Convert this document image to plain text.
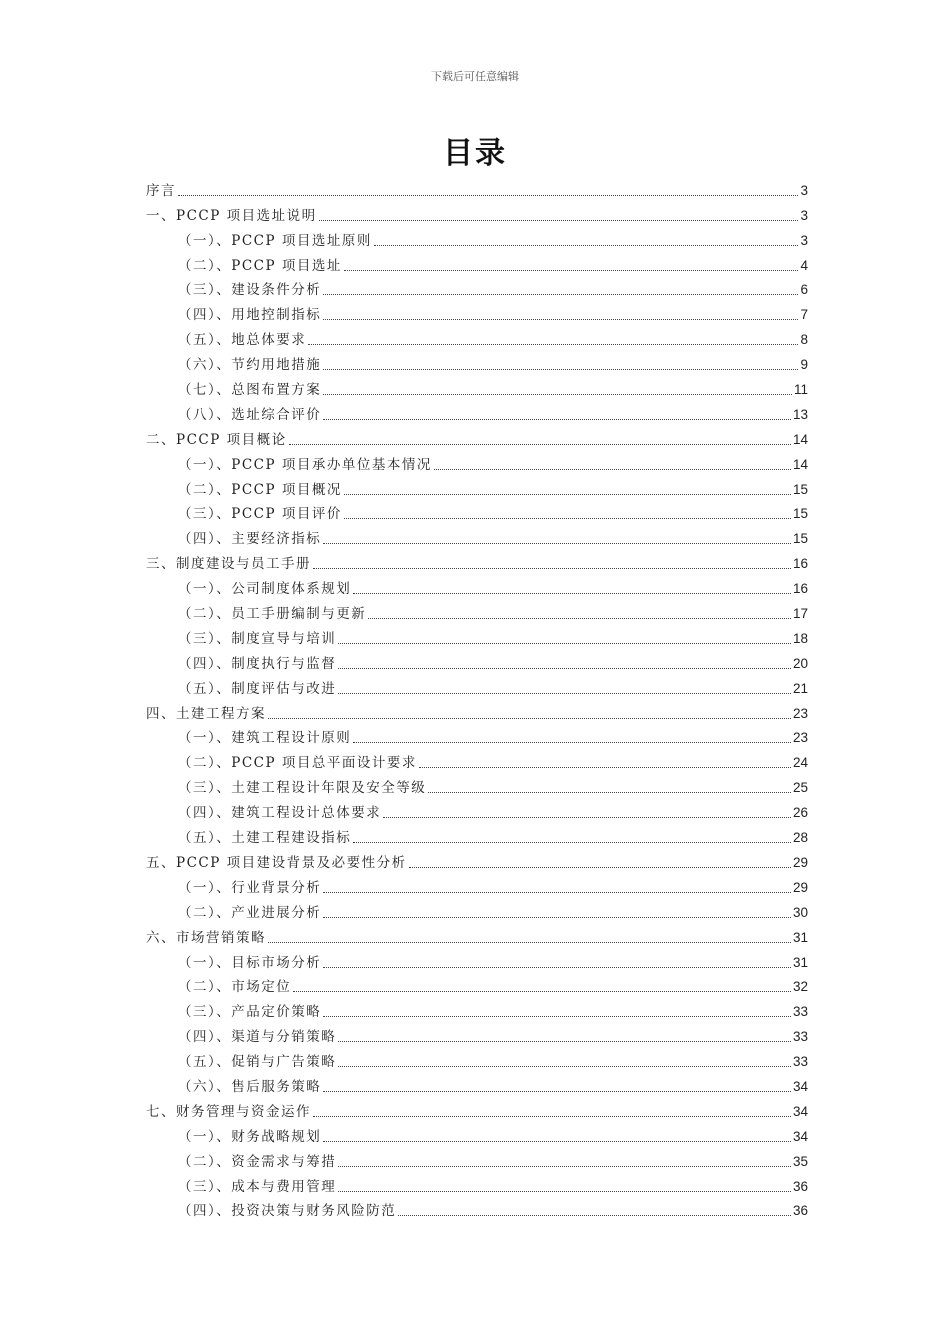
下载后可任意编辑
目录
序言	3
一、PCCP 项目选址说明	3
（一）、PCCP 项目选址原则	3
（二）、PCCP 项目选址	4
（三）、建设条件分析	6
（四）、用地控制指标	7
（五）、地总体要求	8
（六）、节约用地措施	9
（七）、总图布置方案	11
（八）、选址综合评价	13
二、PCCP 项目概论	14
（一）、PCCP 项目承办单位基本情况	14
（二）、PCCP 项目概况	15
（三）、PCCP 项目评价	15
（四）、主要经济指标	15
三、制度建设与员工手册	16
（一）、公司制度体系规划	16
（二）、员工手册编制与更新	17
（三）、制度宣导与培训	18
（四）、制度执行与监督	20
（五）、制度评估与改进	21
四、土建工程方案	23
（一）、建筑工程设计原则	23
（二）、PCCP 项目总平面设计要求	24
（三）、土建工程设计年限及安全等级	25
（四）、建筑工程设计总体要求	26
（五）、土建工程建设指标	28
五、PCCP 项目建设背景及必要性分析	29
（一）、行业背景分析	29
（二）、产业进展分析	30
六、市场营销策略	31
（一）、目标市场分析	31
（二）、市场定位	32
（三）、产品定价策略	33
（四）、渠道与分销策略	33
（五）、促销与广告策略	33
（六）、售后服务策略	34
七、财务管理与资金运作	34
（一）、财务战略规划	34
（二）、资金需求与筹措	35
（三）、成本与费用管理	36
（四）、投资决策与财务风险防范	36
